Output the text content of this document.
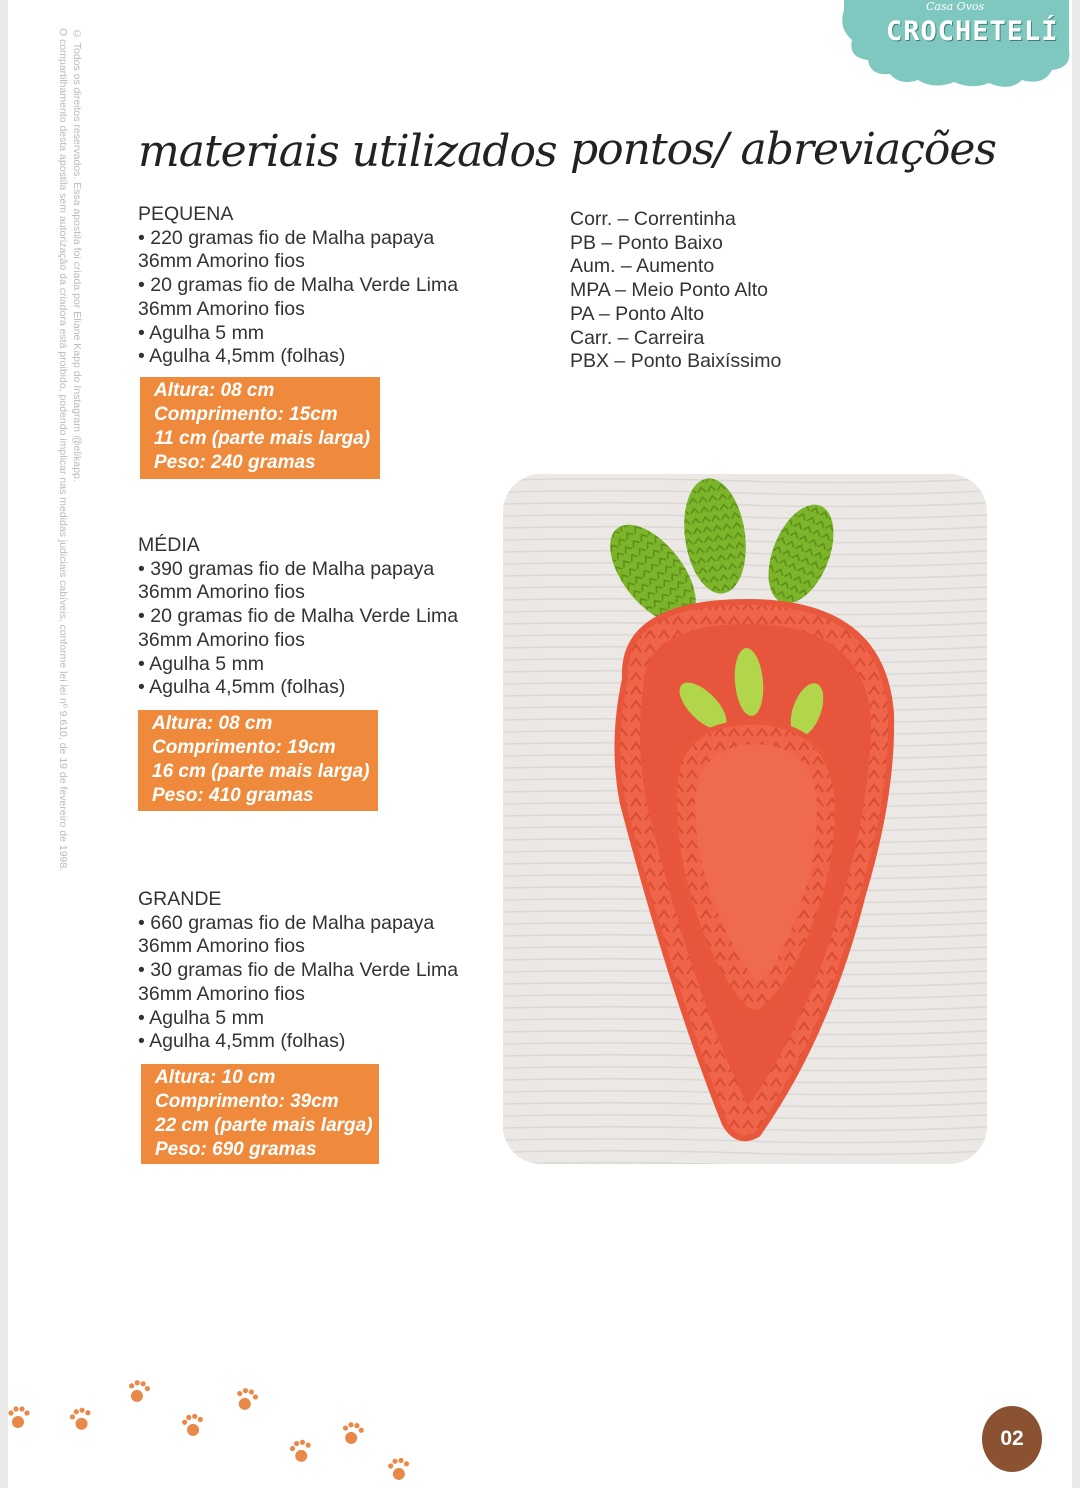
© Todos os direitos reservados. Essa apostila foi criada por Eliane Kapp do Instagram @elikapp.
O compartilhamento desta apostila sem autorização da criadora está proibido, podendo implicar nas medidas judiciais cabíveis, conforme lei lei nº 9.610, de 19 de fevereiro de 1998.
Casa Ovos
CROCHETELÍ
materiais utilizados pontos/ abreviações
PEQUENA
• 220 gramas fio de Malha papaya
36mm Amorino fios
• 20 gramas fio de Malha Verde Lima
36mm Amorino fios
• Agulha 5 mm
• Agulha 4,5mm (folhas)
Altura: 08 cm
Comprimento: 15cm
11 cm (parte mais larga)
Peso: 240 gramas
MÉDIA
• 390 gramas fio de Malha papaya
36mm Amorino fios
• 20 gramas fio de Malha Verde Lima
36mm Amorino fios
• Agulha 5 mm
• Agulha 4,5mm (folhas)
Altura: 08 cm
Comprimento: 19cm
16 cm (parte mais larga)
Peso: 410 gramas
GRANDE
• 660 gramas fio de Malha papaya
36mm Amorino fios
• 30 gramas fio de Malha Verde Lima
36mm Amorino fios
• Agulha 5 mm
• Agulha 4,5mm (folhas)
Altura: 10 cm
Comprimento: 39cm
22 cm (parte mais larga)
Peso: 690 gramas
Corr. – Correntinha
PB – Ponto Baixo
Aum. – Aumento
MPA – Meio Ponto Alto
PA – Ponto Alto
Carr. – Carreira
PBX – Ponto Baixíssimo
02
